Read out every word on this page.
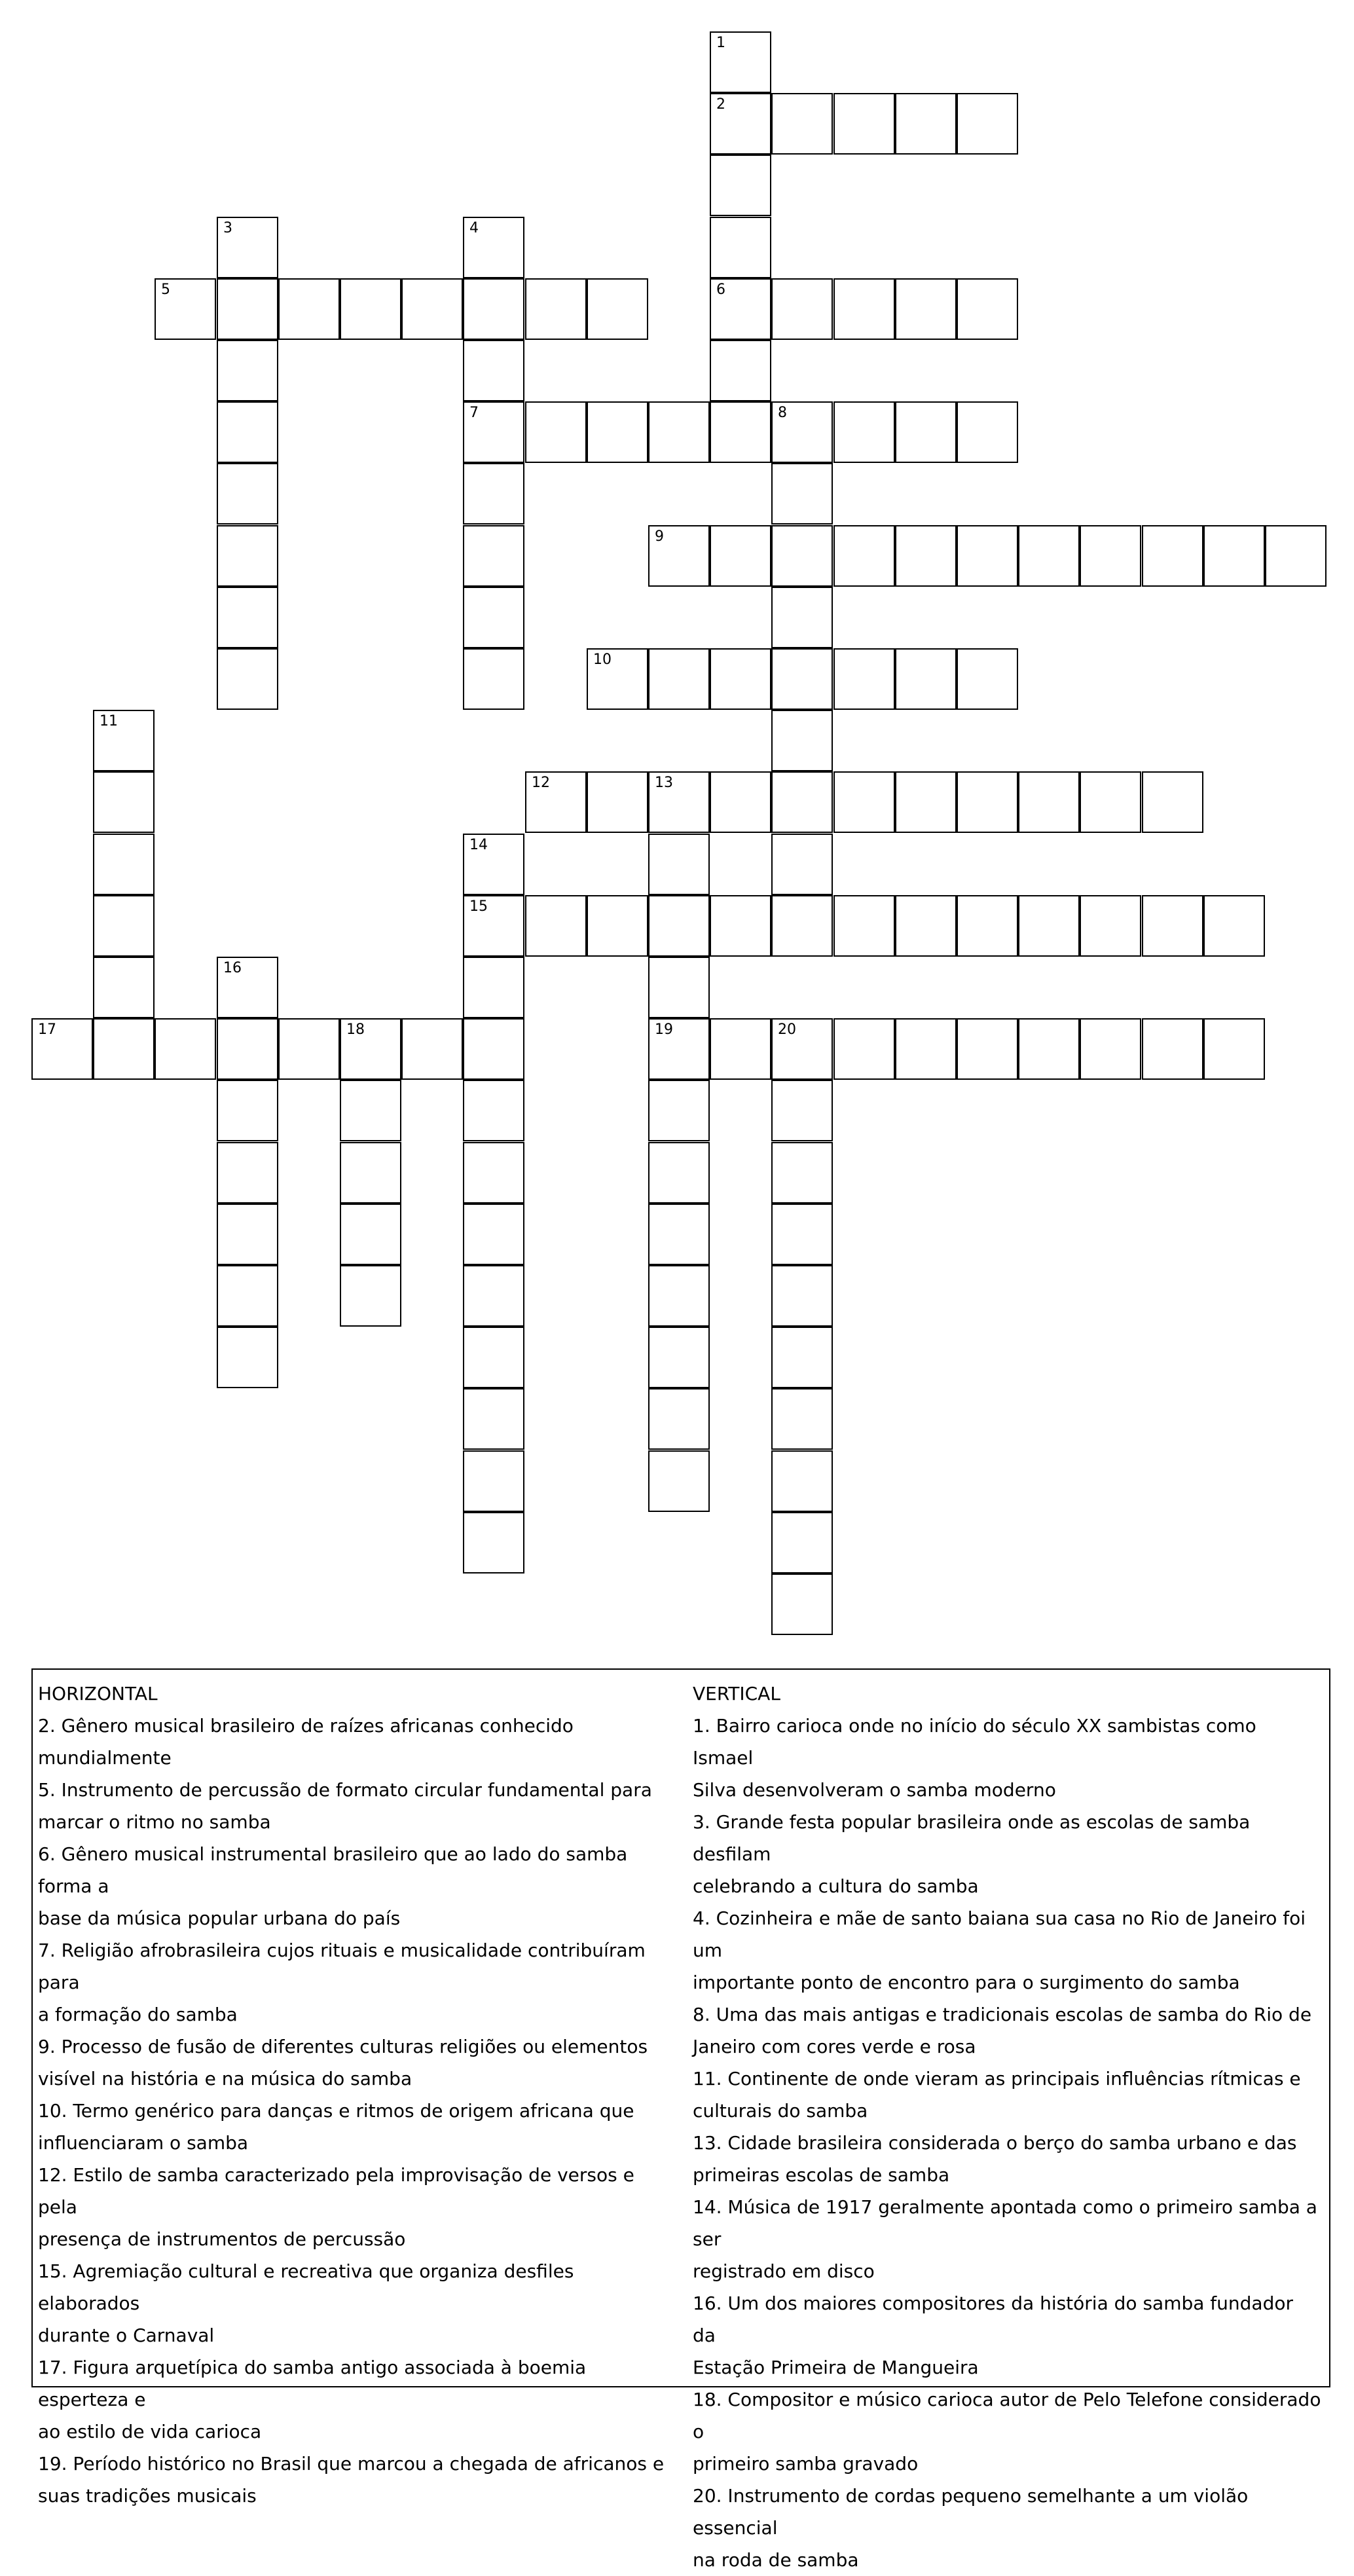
1
2
6
3	4
7
5
8
9
10
11
12	13
19
14
15
16
17	18	20
HORIZONTAL
2. Gênero musical brasileiro de raízes africanas conhecido
mundialmente
5. Instrumento de percussão de formato circular fundamental para
marcar o ritmo no samba
6. Gênero musical instrumental brasileiro que ao lado do samba forma a
base da música popular urbana do país
7. Religião afrobrasileira cujos rituais e musicalidade contribuíram para
a formação do samba
9. Processo de fusão de diferentes culturas religiões ou elementos
visível na história e na música do samba
10. Termo genérico para danças e ritmos de origem africana que
influenciaram o samba
12. Estilo de samba caracterizado pela improvisação de versos e pela
presença de instrumentos de percussão
15. Agremiação cultural e recreativa que organiza desfiles elaborados
durante o Carnaval
17. Figura arquetípica do samba antigo associada à boemia esperteza e
ao estilo de vida carioca
19. Período histórico no Brasil que marcou a chegada de africanos e
suas tradições musicais
VERTICAL
1. Bairro carioca onde no início do século XX sambistas como Ismael
Silva desenvolveram o samba moderno
3. Grande festa popular brasileira onde as escolas de samba desfilam
celebrando a cultura do samba
4. Cozinheira e mãe de santo baiana sua casa no Rio de Janeiro foi um
importante ponto de encontro para o surgimento do samba
8. Uma das mais antigas e tradicionais escolas de samba do Rio de
Janeiro com cores verde e rosa
11. Continente de onde vieram as principais influências rítmicas e
culturais do samba
13. Cidade brasileira considerada o berço do samba urbano e das
primeiras escolas de samba
14. Música de 1917 geralmente apontada como o primeiro samba a ser
registrado em disco
16. Um dos maiores compositores da história do samba fundador da
Estação Primeira de Mangueira
18. Compositor e músico carioca autor de Pelo Telefone considerado o
primeiro samba gravado
20. Instrumento de cordas pequeno semelhante a um violão essencial
na roda de samba
